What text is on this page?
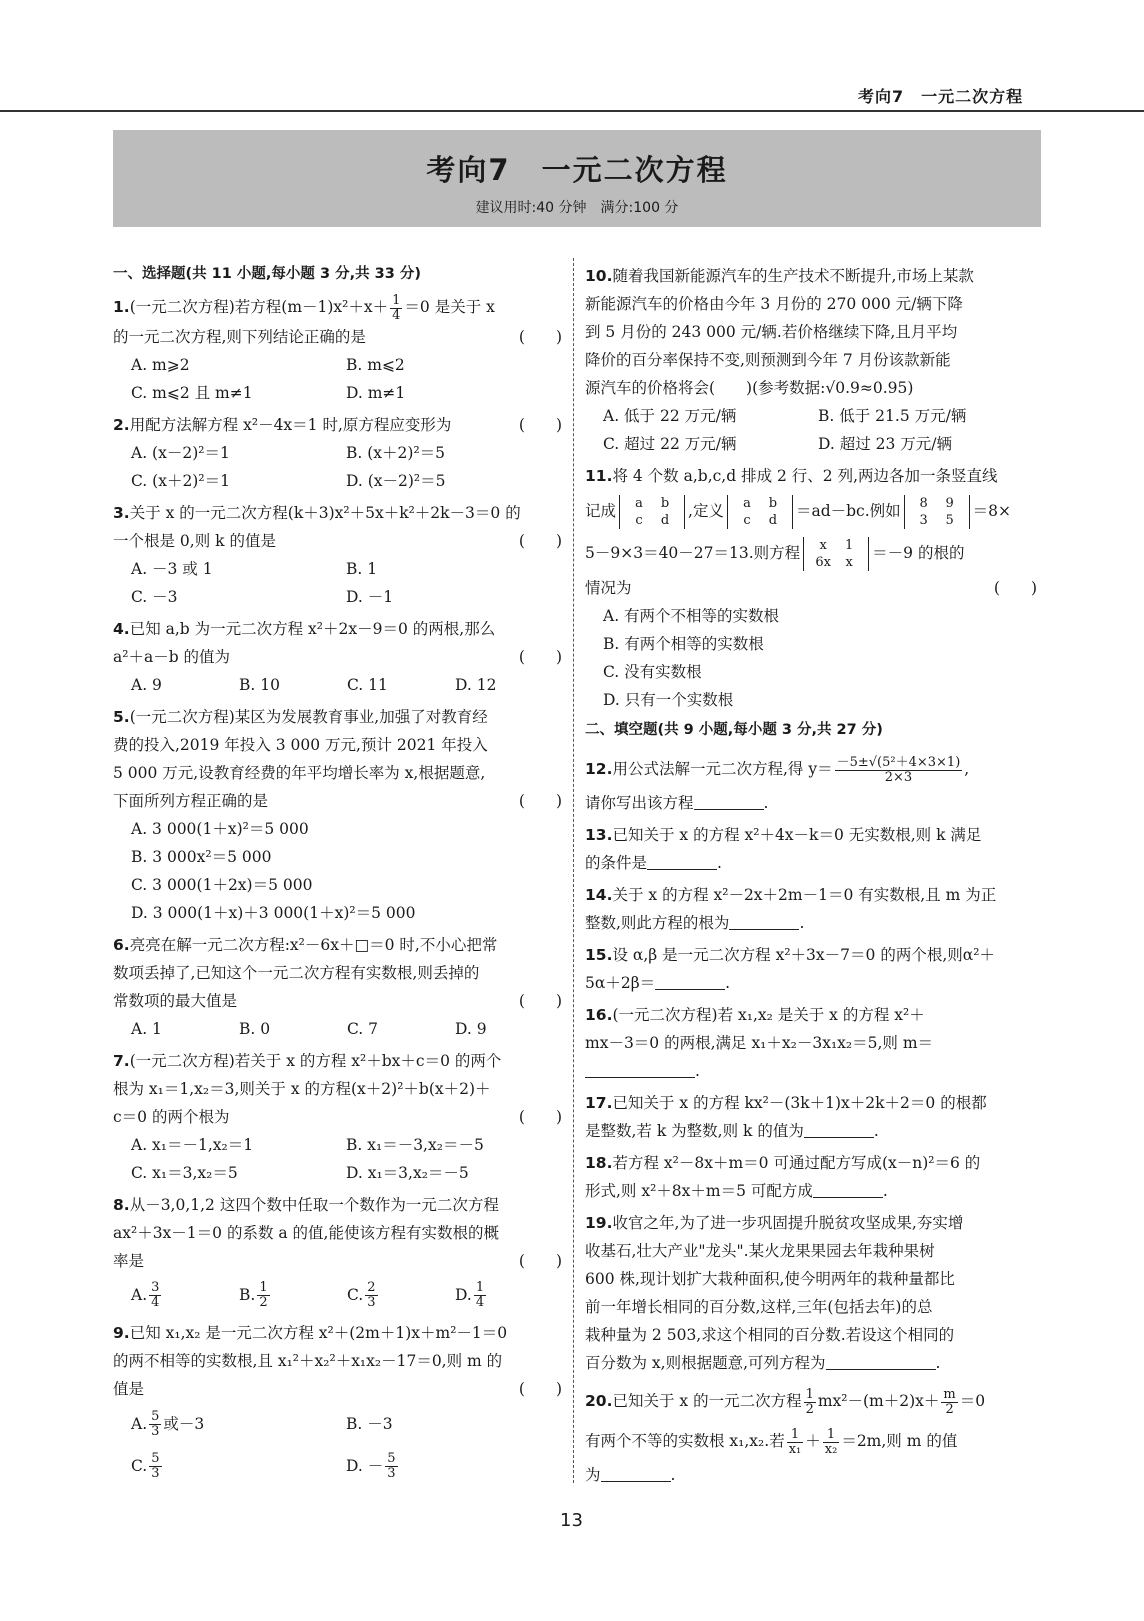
考向7　一元二次方程
考向7　一元二次方程
建议用时:40 分钟　满分:100 分
一、选择题(共 11 小题,每小题 3 分,共 33 分)
1.(一元二次方程)若方程$(m-1)x^2+x+ \frac{1}{4} =0$ 是关于 x
的一元二次方程,则下列结论正确的是	(　　)
A. m⩾2	B. m⩽2
C. m⩽2 且 m≠1	D. m≠1
2.用配方法解方程 x²－4x＝1 时,原方程应变形为	(　　)
A. (x－2)²＝1	B. (x＋2)²＝5
C. (x＋2)²＝1	D. (x－2)²＝5
3.关于 x 的一元二次方程(k＋3)x²＋5x＋k²＋2k－3＝0 的
一个根是 0,则 k 的值是	(　　)
A. －3 或 1	B. 1
C. －3	D. －1
4.已知 a,b 为一元二次方程 x²＋2x－9＝0 的两根,那么
a²＋a－b 的值为	(　　)
A. 9	B. 10	C. 11	D. 12
5.(一元二次方程)某区为发展教育事业,加强了对教育经
费的投入,2019 年投入 3 000 万元,预计 2021 年投入
5 000 万元,设教育经费的年平均增长率为 x,根据题意,
下面所列方程正确的是	(　　)
A. 3 000(1＋x)²＝5 000
B. 3 000x²＝5 000
C. 3 000(1＋2x)＝5 000
D. 3 000(1＋x)＋3 000(1＋x)²＝5 000
6.亮亮在解一元二次方程:x²－6x＋□＝0 时,不小心把常
数项丢掉了,已知这个一元二次方程有实数根,则丢掉的
常数项的最大值是	(　　)
A. 1	B. 0	C. 7	D. 9
7.(一元二次方程)若关于 x 的方程 x²＋bx＋c＝0 的两个
根为 x₁＝1,x₂＝3,则关于 x 的方程(x＋2)²＋b(x＋2)＋
c＝0 的两个根为	(　　)
A. x₁＝－1,x₂＝1	B. x₁＝－3,x₂＝－5
C. x₁＝3,x₂＝5	D. x₁＝3,x₂＝－5
8.从－3,0,1,2 这四个数中任取一个数作为一元二次方程
ax²＋3x－1＝0 的系数 a 的值,能使该方程有实数根的概
率是	(　　)
A. $\frac{3}{4}$	B. $\frac{1}{2}$	C. $\frac{2}{3}$	D. $\frac{1}{4}$
9.已知 x₁,x₂ 是一元二次方程 x²＋(2m＋1)x＋m²－1＝0
的两不相等的实数根,且 x₁²＋x₂²＋x₁x₂－17＝0,则 m 的
值是	(　　)
A. $\frac{5}{3}$ 或－3	B. －3
C. $\frac{5}{3}$	D. － $\frac{5}{3}$
10.随着我国新能源汽车的生产技术不断提升,市场上某款
新能源汽车的价格由今年 3 月份的 270 000 元/辆下降
到 5 月份的 243 000 元/辆.若价格继续下降,且月平均
降价的百分率保持不变,则预测到今年 7 月份该款新能
源汽车的价格将会(　　)(参考数据:√0.9≈0.95)
A. 低于 22 万元/辆	B. 低于 21.5 万元/辆
C. 超过 22 万元/辆	D. 超过 23 万元/辆
11.将 4 个数 a,b,c,d 排成 2 行、2 列,两边各加一条竖直线
记成 a b
c d,定义 a b
c d＝ad－bc.例如 8 9
3 5＝8×
5－9×3＝40－27＝13.则方程 x 1
6x x＝－9 的根的
情况为	(　　)
A. 有两个不相等的实数根
B. 有两个相等的实数根
C. 没有实数根
D. 只有一个实数根
二、填空题(共 9 小题,每小题 3 分,共 27 分)
12.用公式法解一元二次方程,得 $y= \frac{\text{－5±√(5²＋4×3×1)}}{2\times 3}$ ,
请你写出该方程	.
13.已知关于 x 的方程 x²＋4x－k＝0 无实数根,则 k 满足
的条件是	.
14.关于 x 的方程 x²－2x＋2m－1＝0 有实数根,且 m 为正
整数,则此方程的根为	.
15.设 α,β 是一元二次方程 x²＋3x－7＝0 的两个根,则α²＋
5α＋2β＝	.
16.(一元二次方程)若 x₁,x₂ 是关于 x 的方程 x²＋
mx－3＝0 的两根,满足 x₁＋x₂－3x₁x₂＝5,则 m＝
.
17.已知关于 x 的方程 kx²－(3k＋1)x＋2k＋2＝0 的根都
是整数,若 k 为整数,则 k 的值为	.
18.若方程 x²－8x＋m＝0 可通过配方写成(x－n)²＝6 的
形式,则 x²＋8x＋m＝5 可配方成	.
19.收官之年,为了进一步巩固提升脱贫攻坚成果,夯实增
收基石,壮大产业"龙头".某火龙果果园去年栽种果树
600 株,现计划扩大栽种面积,使今明两年的栽种量都比
前一年增长相同的百分数,这样,三年(包括去年)的总
栽种量为 2 503,求这个相同的百分数.若设这个相同的
百分数为 x,则根据题意,可列方程为	.
20.已知关于 x 的一元二次方程 $\frac{1}{2} mx^2-(m+2)x+ \frac{m}{2} =0$
有两个不等的实数根 x₁,x₂.若 $\frac{1}{\text{x₁}} + \frac{1}{\text{x₂}} =2m$,则 m 的值
为	.
13
